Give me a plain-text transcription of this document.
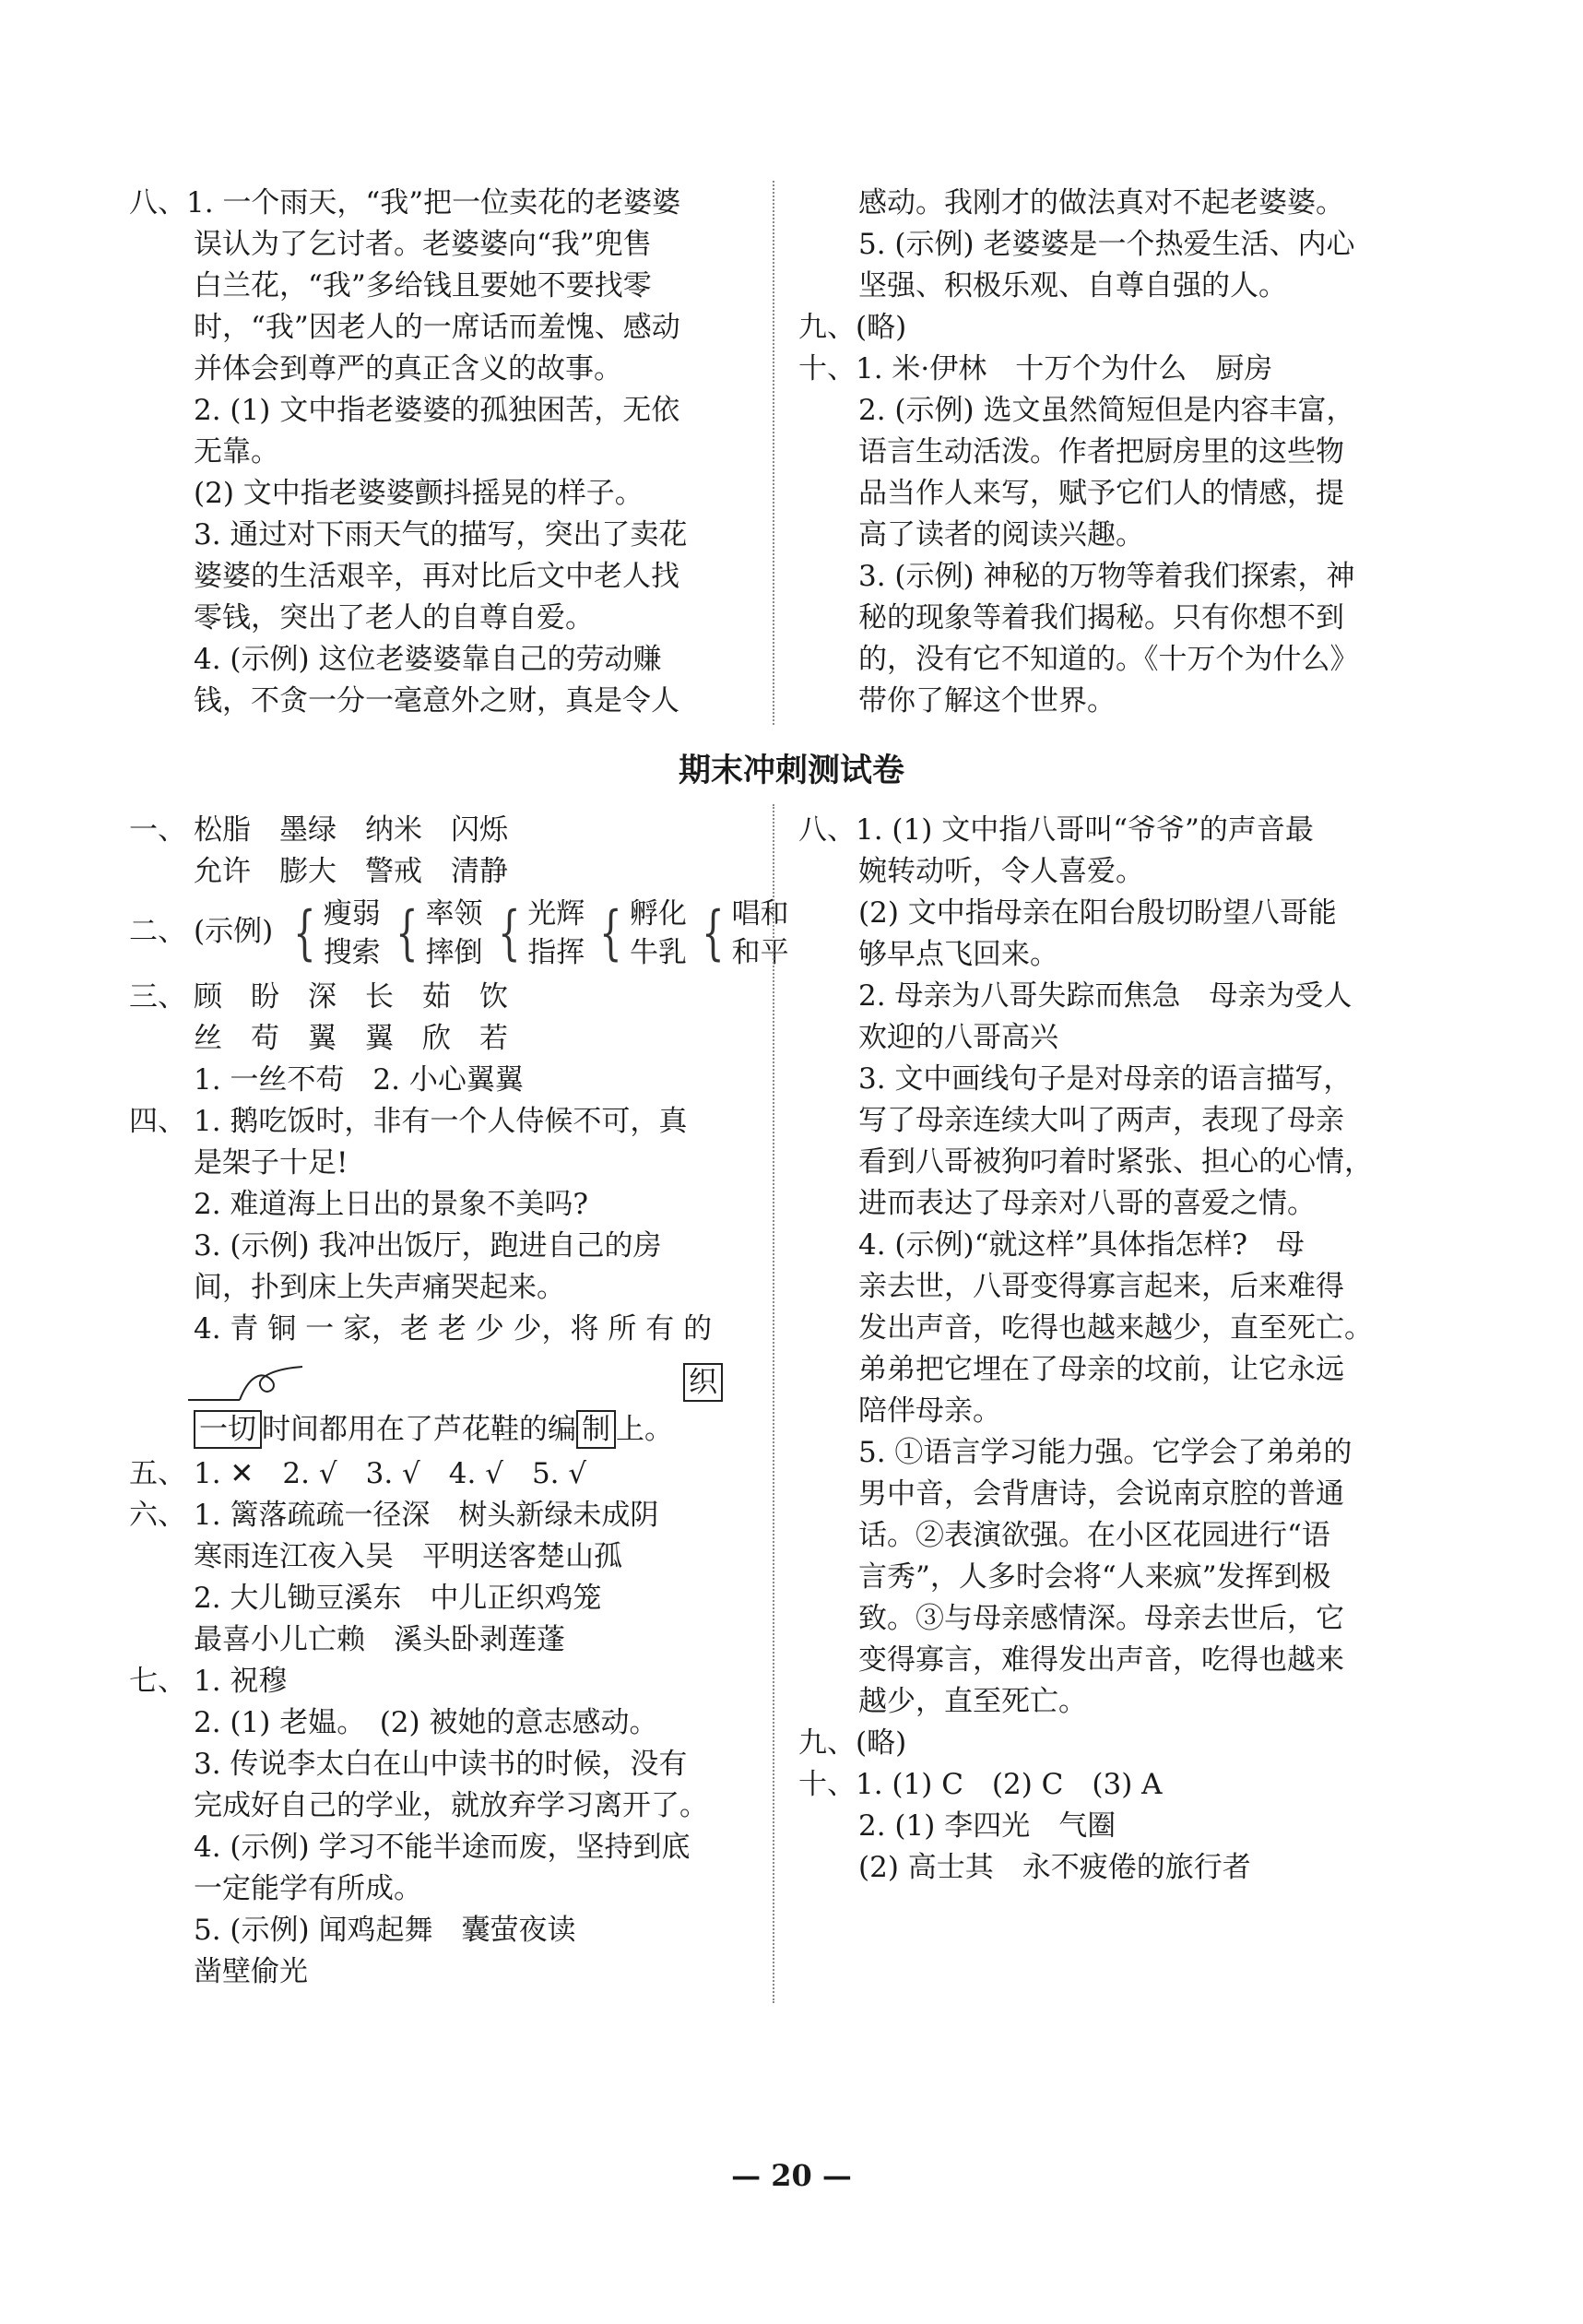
八、1. 一个雨天，“我”把一位卖花的老婆婆
误认为了乞讨者。老婆婆向“我”兜售
白兰花，“我”多给钱且要她不要找零
时，“我”因老人的一席话而羞愧、感动
并体会到尊严的真正含义的故事。
2. (1) 文中指老婆婆的孤独困苦，无依
无靠。
(2) 文中指老婆婆颤抖摇晃的样子。
3. 通过对下雨天气的描写，突出了卖花
婆婆的生活艰辛，再对比后文中老人找
零钱，突出了老人的自尊自爱。
4. (示例) 这位老婆婆靠自己的劳动赚
钱，不贪一分一毫意外之财，真是令人
感动。我刚才的做法真对不起老婆婆。
5. (示例) 老婆婆是一个热爱生活、内心
坚强、积极乐观、自尊自强的人。
九、(略)
十、1. 米·伊林　十万个为什么　厨房
2. (示例) 选文虽然简短但是内容丰富，
语言生动活泼。作者把厨房里的这些物
品当作人来写，赋予它们人的情感，提
高了读者的阅读兴趣。
3. (示例) 神秘的万物等着我们探索，神
秘的现象等着我们揭秘。只有你想不到
的，没有它不知道的。《十万个为什么》
带你了解这个世界。
期末冲刺测试卷
一、 松脂　墨绿　纳米　闪烁
允许　膨大　警戒　清静
二、 (示例) { 瘦弱
搜索 { 率领
摔倒 { 光辉
指挥 { 孵化
牛乳 { 唱和
和平
三、 顾　盼　深　长　茹　饮
丝　苟　翼　翼　欣　若
1. 一丝不苟　2. 小心翼翼
四、 1. 鹅吃饭时，非有一个人侍候不可，真
是架子十足!
2. 难道海上日出的景象不美吗?
3. (示例) 我冲出饭厅，跑进自己的房
间，扑到床上失声痛哭起来。
4. 青 铜 一 家，老 老 少 少，将 所 有 的
织
一切 时间都用在了芦花鞋的编 制 上。
五、 1. ✕　2. √　3. √　4. √　5. √
六、 1. 篱落疏疏一径深　树头新绿未成阴
寒雨连江夜入吴　平明送客楚山孤
2. 大儿锄豆溪东　中儿正织鸡笼
最喜小儿亡赖　溪头卧剥莲蓬
七、 1. 祝穆
2. (1) 老媪。　(2) 被她的意志感动。
3. 传说李太白在山中读书的时候，没有
完成好自己的学业，就放弃学习离开了。
4. (示例) 学习不能半途而废，坚持到底
一定能学有所成。
5. (示例) 闻鸡起舞　囊萤夜读
凿壁偷光
八、1. (1) 文中指八哥叫“爷爷”的声音最
婉转动听，令人喜爱。
(2) 文中指母亲在阳台殷切盼望八哥能
够早点飞回来。
2. 母亲为八哥失踪而焦急　母亲为受人
欢迎的八哥高兴
3. 文中画线句子是对母亲的语言描写，
写了母亲连续大叫了两声，表现了母亲
看到八哥被狗叼着时紧张、担心的心情，
进而表达了母亲对八哥的喜爱之情。
4. (示例)“就这样”具体指怎样?　母
亲去世，八哥变得寡言起来，后来难得
发出声音，吃得也越来越少，直至死亡。
弟弟把它埋在了母亲的坟前，让它永远
陪伴母亲。
5. ①语言学习能力强。它学会了弟弟的
男中音，会背唐诗，会说南京腔的普通
话。②表演欲强。在小区花园进行“语
言秀”，人多时会将“人来疯”发挥到极
致。③与母亲感情深。母亲去世后，它
变得寡言，难得发出声音，吃得也越来
越少，直至死亡。
九、(略)
十、1. (1) C　(2) C　(3) A
2. (1) 李四光　气圈
(2) 高士其　永不疲倦的旅行者
— 20 —
